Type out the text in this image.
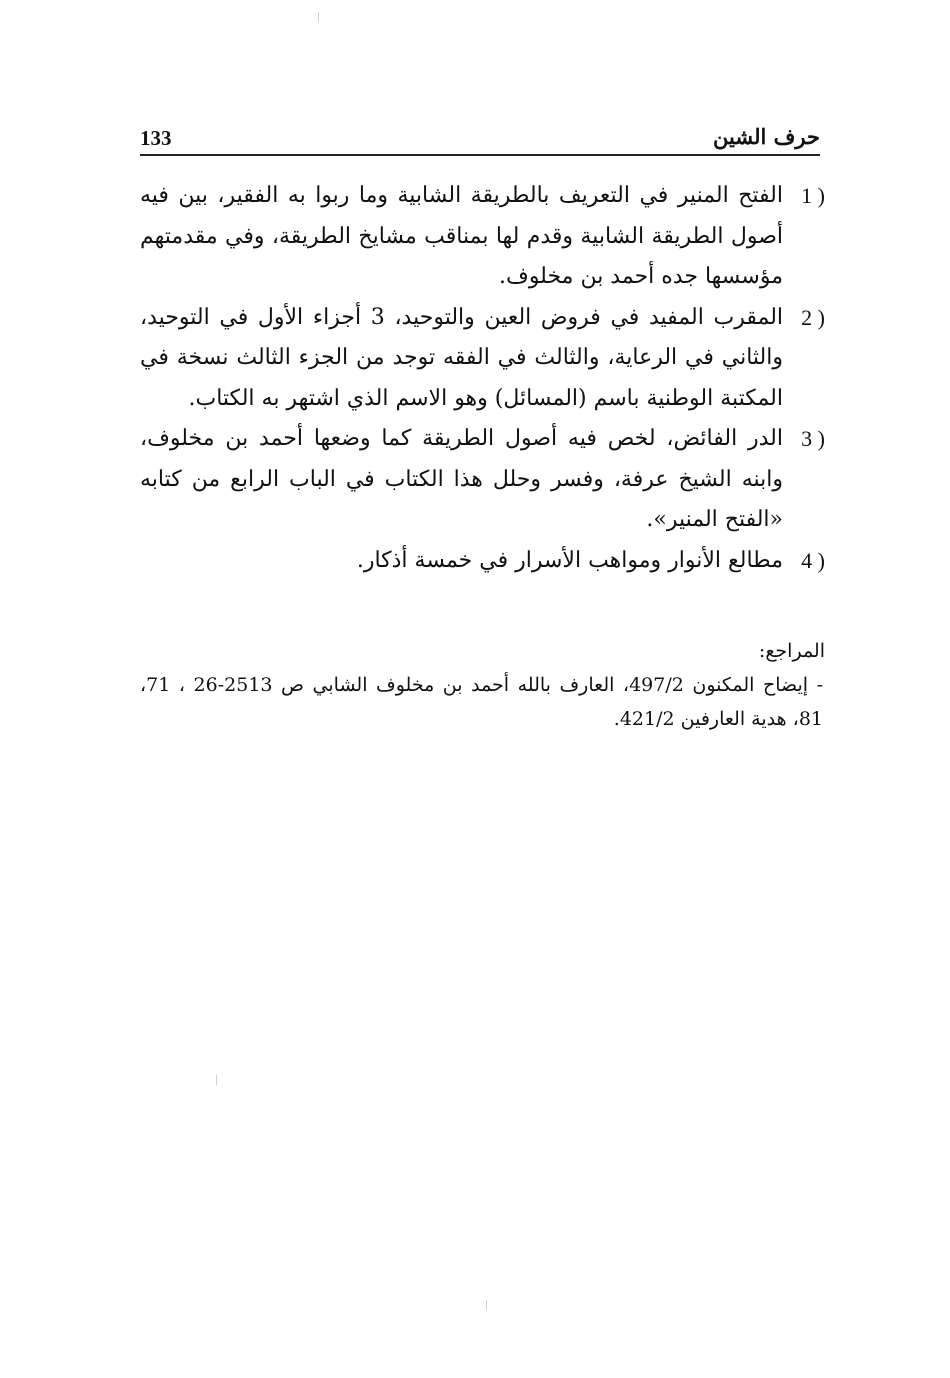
133	حرف الشين

1 )
الفتح المنير في التعريف بالطريقة الشابية وما ربوا به الفقير، بين فيه أصول الطريقة الشابية وقدم لها بمناقب مشايخ الطريقة، وفي مقدمتهم مؤسسها جده أحمد بن مخلوف.

2 )
المقرب المفيد في فروض العين والتوحيد، 3 أجزاء الأول في التوحيد، والثاني في الرعاية، والثالث في الفقه توجد من الجزء الثالث نسخة في المكتبة الوطنية باسم (المسائل) وهو الاسم الذي اشتهر به الكتاب.

3 )
الدر الفائض، لخص فيه أصول الطريقة كما وضعها أحمد بن مخلوف، وابنه الشيخ عرفة، وفسر وحلل هذا الكتاب في الباب الرابع من كتابه «الفتح المنير».

4 )
مطالع الأنوار ومواهب الأسرار في خمسة أذكار.

المراجع:

- إيضاح المكنون 497/2، العارف بالله أحمد بن مخلوف الشابي ص 2513-26 ، 71، 81، هدية العارفين 421/2.
